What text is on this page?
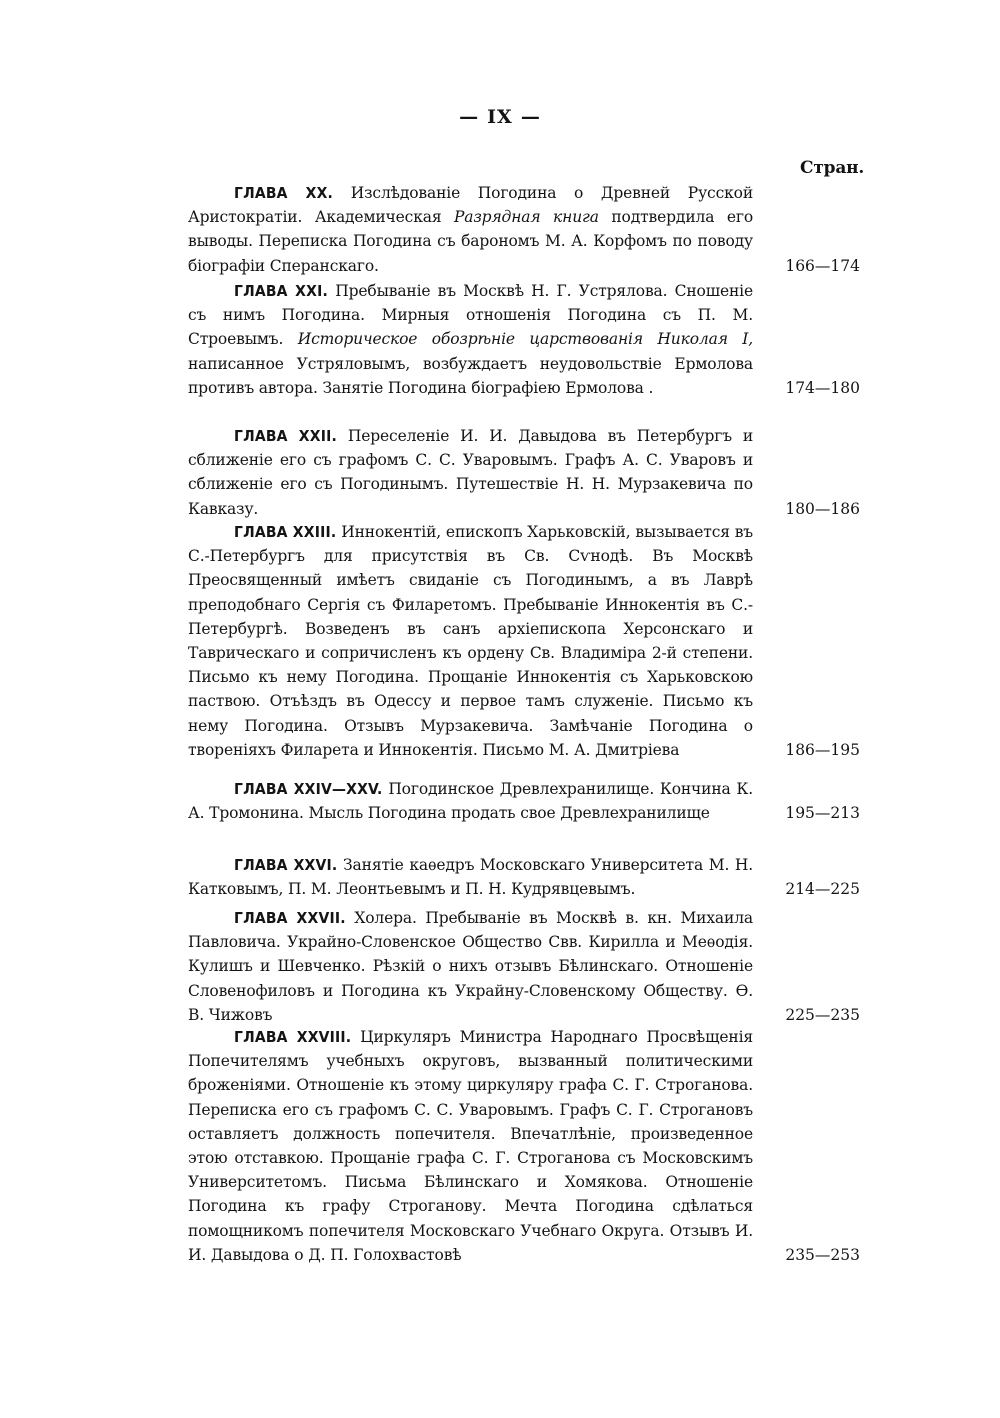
— IX —
Стран.
ГЛАВА XX. Изслѣдованіе Погодина о Древней Русской Аристократіи. Академическая Разрядная книга подтвердила его выводы. Переписка Погодина съ барономъ М. А. Корфомъ по поводу біографіи Сперанскаго.	166—174
ГЛАВА XXI. Пребываніе въ Москвѣ Н. Г. Устрялова. Сношеніе съ нимъ Погодина. Мирныя отношенія Погодина съ П. М. Строевымъ. Историческое обозрѣніе царствованія Николая I, написанное Устряловымъ, возбуждаетъ неудовольствіе Ермолова противъ автора. Занятіе Погодина біографіею Ермолова .	174—180
ГЛАВА XXII. Переселеніе И. И. Давыдова въ Петербургъ и сближеніе его съ графомъ С. С. Уваровымъ. Графъ А. С. Уваровъ и сближеніе его съ Погодинымъ. Путешествіе Н. Н. Мурзакевича по Кавказу.	180—186
ГЛАВА XXIII. Иннокентій, епископъ Харьковскій, вызывается въ С.-Петербургъ для присутствія въ Св. Сѵнодѣ. Въ Москвѣ Преосвященный имѣетъ свиданіе съ Погодинымъ, а въ Лаврѣ преподобнаго Сергія съ Филаретомъ. Пребываніе Иннокентія въ С.-Петербургѣ. Возведенъ въ санъ архіепископа Херсонскаго и Таврическаго и сопричисленъ къ ордену Св. Владиміра 2-й степени. Письмо къ нему Погодина. Прощаніе Иннокентія съ Харьковскою паствою. Отъѣздъ въ Одессу и первое тамъ служеніе. Письмо къ нему Погодина. Отзывъ Мурзакевича. Замѣчаніе Погодина о твореніяхъ Филарета и Иннокентія. Письмо М. А. Дмитріева	186—195
ГЛАВА XXIV—XXV. Погодинское Древлехранилище. Кончина К. А. Тромонина. Мысль Погодина продать свое Древлехранилище	195—213
ГЛАВА XXVI. Занятіе каѳедръ Московскаго Университета М. Н. Катковымъ, П. М. Леонтьевымъ и П. Н. Кудрявцевымъ.	214—225
ГЛАВА XXVII. Холера. Пребываніе въ Москвѣ в. кн. Михаила Павловича. Украйно-Словенское Общество Свв. Кирилла и Меѳодія. Кулишъ и Шевченко. Рѣзкій о нихъ отзывъ Бѣлинскаго. Отношеніе Словенофиловъ и Погодина къ Украйну-Словенскому Обществу. Ѳ. В. Чижовъ	225—235
ГЛАВА XXVIII. Циркуляръ Министра Народнаго Просвѣщенія Попечителямъ учебныхъ округовъ, вызванный политическими броженіями. Отношеніе къ этому циркуляру графа С. Г. Строганова. Переписка его съ графомъ С. С. Уваровымъ. Графъ С. Г. Строгановъ оставляетъ должность попечителя. Впечатлѣніе, произведенное этою отставкою. Прощаніе графа С. Г. Строганова съ Московскимъ Университетомъ. Письма Бѣлинскаго и Хомякова. Отношеніе Погодина къ графу Строганову. Мечта Погодина сдѣлаться помощникомъ попечителя Московскаго Учебнаго Округа. Отзывъ И. И. Давыдова о Д. П. Голохвастовѣ	235—253
